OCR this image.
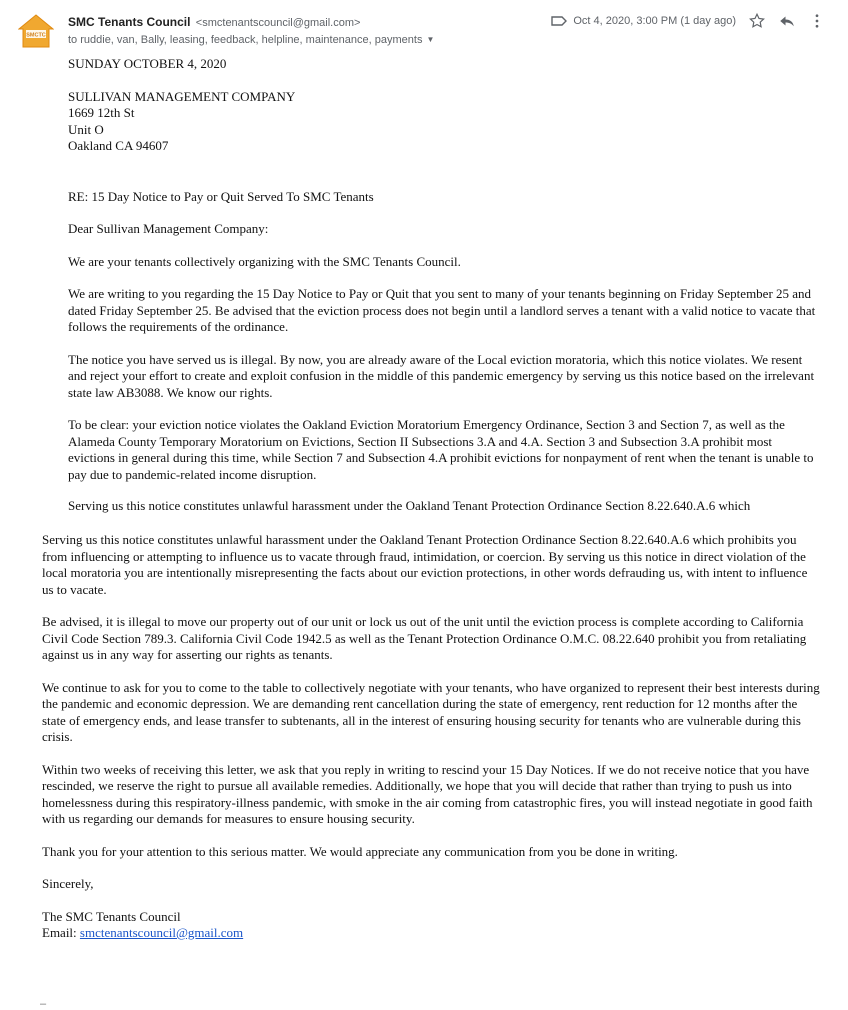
SMCTC
SMC Tenants Council <smctenantscouncil@gmail.com>
to ruddie, van, Bally, leasing, feedback, helpline, maintenance, payments ▼
Oct 4, 2020, 3:00 PM (1 day ago)

SUNDAY OCTOBER 4, 2020

SULLIVAN MANAGEMENT COMPANY
1669 12th St
Unit O
Oakland CA 94607

RE: 15 Day Notice to Pay or Quit Served To SMC Tenants

Dear Sullivan Management Company:

We are your tenants collectively organizing with the SMC Tenants Council.

We are writing to you regarding the 15 Day Notice to Pay or Quit that you sent to many of your tenants beginning on Friday September 25 and dated Friday September 25. Be advised that the eviction process does not begin until a landlord serves a tenant with a valid notice to vacate that follows the requirements of the ordinance.

The notice you have served us is illegal. By now, you are already aware of the Local eviction moratoria, which this notice violates. We resent and reject your effort to create and exploit confusion in the middle of this pandemic emergency by serving us this notice based on the irrelevant state law AB3088. We know our rights.

To be clear: your eviction notice violates the Oakland Eviction Moratorium Emergency Ordinance, Section 3 and Section 7, as well as the Alameda County Temporary Moratorium on Evictions, Section II Subsections 3.A and 4.A. Section 3 and Subsection 3.A prohibit most evictions in general during this time, while Section 7 and Subsection 4.A prohibit evictions for nonpayment of rent when the tenant is unable to pay due to pandemic-related income disruption.

Serving us this notice constitutes unlawful harassment under the Oakland Tenant Protection Ordinance Section 8.22.640.A.6 which

Serving us this notice constitutes unlawful harassment under the Oakland Tenant Protection Ordinance Section 8.22.640.A.6 which prohibits you from influencing or attempting to influence us to vacate through fraud, intimidation, or coercion. By serving us this notice in direct violation of the local moratoria you are intentionally misrepresenting the facts about our eviction protections, in other words defrauding us, with intent to influence us to vacate.

Be advised, it is illegal to move our property out of our unit or lock us out of the unit until the eviction process is complete according to California Civil Code Section 789.3. California Civil Code 1942.5 as well as the Tenant Protection Ordinance O.M.C. 08.22.640 prohibit you from retaliating against us in any way for asserting our rights as tenants.

We continue to ask for you to come to the table to collectively negotiate with your tenants, who have organized to represent their best interests during the pandemic and economic depression. We are demanding rent cancellation during the state of emergency, rent reduction for 12 months after the state of emergency ends, and lease transfer to subtenants, all in the interest of ensuring housing security for tenants who are vulnerable during this crisis.

Within two weeks of receiving this letter, we ask that you reply in writing to rescind your 15 Day Notices. If we do not receive notice that you have rescinded, we reserve the right to pursue all available remedies. Additionally, we hope that you will decide that rather than trying to push us into homelessness during this respiratory-illness pandemic, with smoke in the air coming from catastrophic fires, you will instead negotiate in good faith with us regarding our demands for measures to ensure housing security.

Thank you for your attention to this serious matter. We would appreciate any communication from you be done in writing.

Sincerely,

The SMC Tenants Council
Email: smctenantscouncil@gmail.com
–
